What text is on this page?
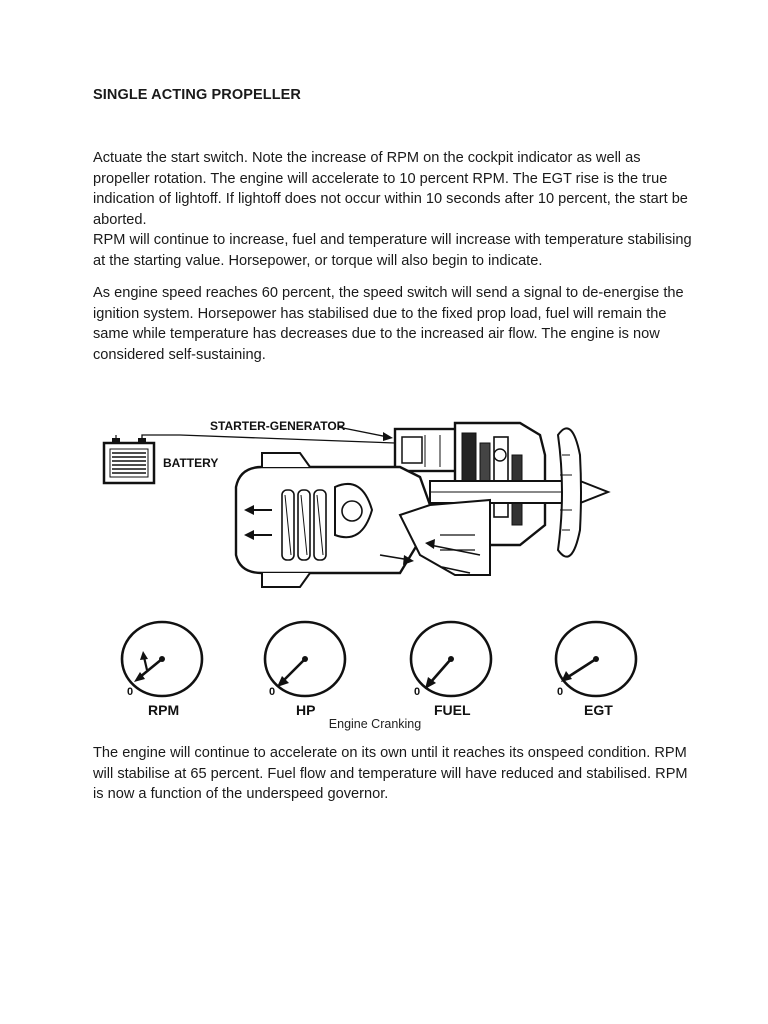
SINGLE ACTING PROPELLER

Actuate the start switch. Note the increase of RPM on the cockpit indicator as well as propeller rotation. The engine will accelerate to 10 percent RPM. The EGT rise is the true indication of lightoff. If lightoff does not occur within 10 seconds after 10 percent, the start be aborted.

RPM will continue to increase, fuel and temperature will increase with temperature stabilising at the starting value. Horsepower, or torque will also begin to indicate.

As engine speed reaches 60 percent, the speed switch will send a signal to de-energise the ignition system. Horsepower has stabilised due to the fixed prop load, fuel will remain the same while temperature has decreases due to the increased air flow. The engine is now considered self-sustaining.

BATTERY
STARTER-GENERATOR
0
RPM
0
HP
0
FUEL
0
EGT
Engine Cranking

The engine will continue to accelerate on its own until it reaches its onspeed condition. RPM will stabilise at 65 percent. Fuel flow and temperature will have reduced and stabilised. RPM is now a function of the underspeed governor.
